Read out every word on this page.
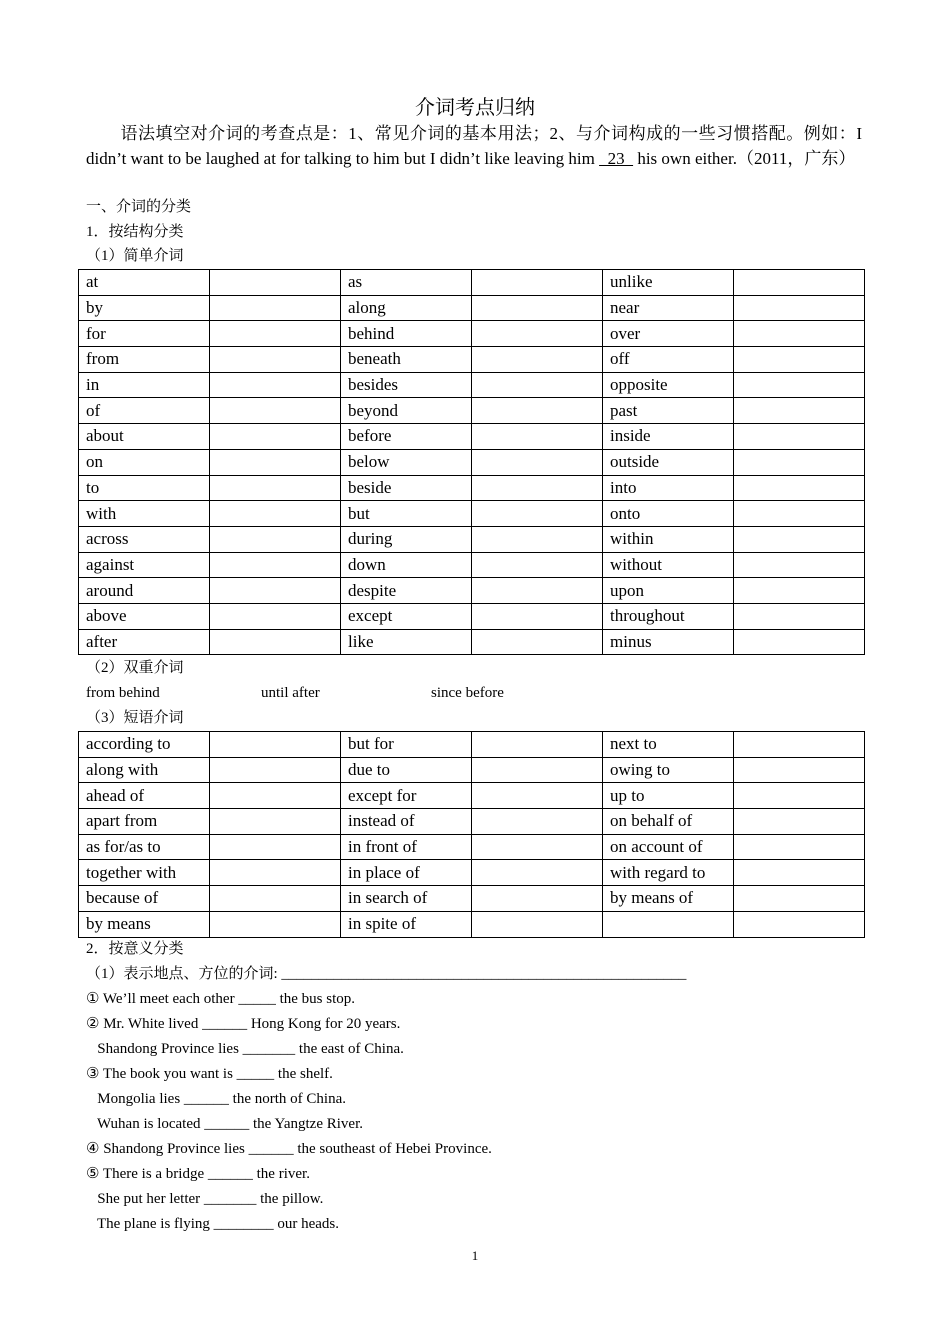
介词考点归纳
语法填空对介词的考查点是：1、常见介词的基本用法；2、与介词构成的一些习惯搭配。例如：I didn’t want to be laughed at for talking to him but I didn’t like leaving him   23   his own either.（2011，广东）
一、介词的分类
1．按结构分类
（1）简单介词
at		as		unlike	
by		along		near	
for		behind		over	
from		beneath		off	
in		besides		opposite	
of		beyond		past	
about		before		inside	
on		below		outside	
to		beside		into	
with		but		onto	
across		during		within	
against		down		without	
around		despite		upon	
above		except		throughout	
after		like		minus	
（2）双重介词
from behind	until after	since before
（3）短语介词
according to		but for		next to	
along with		due to		owing to	
ahead of		except for		up to	
apart from		instead of		on behalf of	
as for/as to		in front of		on account of	
together with		in place of		with regard to	
because of		in search of		by means of	
by means		in spite of			
2．按意义分类
（1）表示地点、方位的介词: ______________________________________________________
① We’ll meet each other _____ the bus stop.
② Mr. White lived ______ Hong Kong for 20 years.
Shandong Province lies _______ the east of China.
③ The book you want is _____ the shelf.
Mongolia lies ______ the north of China.
Wuhan is located ______ the Yangtze River.
④ Shandong Province lies ______ the southeast of Hebei Province.
⑤ There is a bridge ______ the river.
She put her letter _______ the pillow.
The plane is flying ________ our heads.
1
